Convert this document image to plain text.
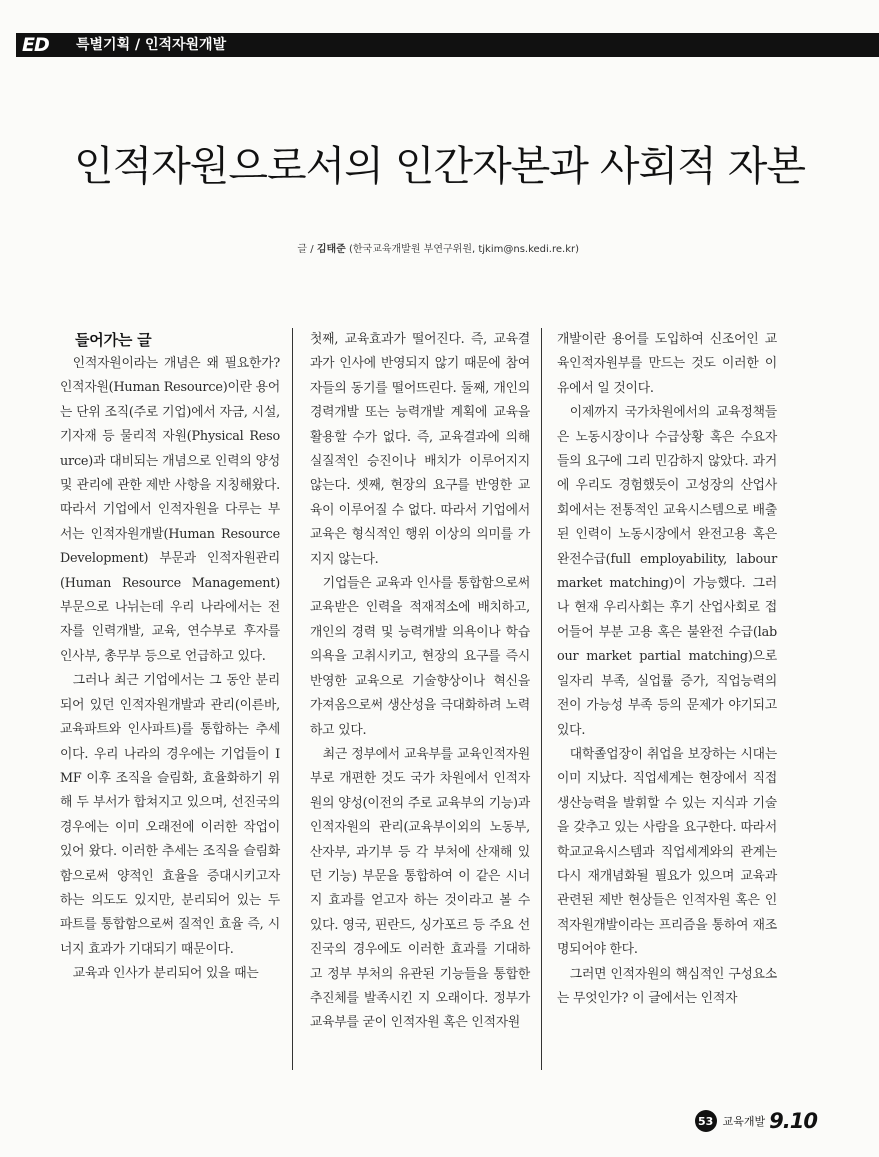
ED 특별기획 / 인적자원개발
인적자원으로서의 인간자본과 사회적 자본
글 / 김태준 (한국교육개발원 부연구위원, tjkim@ns.kedi.re.kr)

들어가는 글

인적자원이라는 개념은 왜 필요한가? 인적자원(Human Resource)이란 용어는 단위 조직(주로 기업)에서 자금, 시설, 기자재 등 물리적 자원(Physical Resource)과 대비되는 개념으로 인력의 양성 및 관리에 관한 제반 사항을 지칭해왔다. 따라서 기업에서 인적자원을 다루는 부서는 인적자원개발(Human Resource Development) 부문과 인적자원관리(Human Resource Management) 부문으로 나뉘는데 우리 나라에서는 전자를 인력개발, 교육, 연수부로 후자를 인사부, 총무부 등으로 언급하고 있다.

그러나 최근 기업에서는 그 동안 분리되어 있던 인적자원개발과 관리(이른바, 교육파트와 인사파트)를 통합하는 추세이다. 우리 나라의 경우에는 기업들이 IMF 이후 조직을 슬림화, 효율화하기 위해 두 부서가 합쳐지고 있으며, 선진국의 경우에는 이미 오래전에 이러한 작업이 있어 왔다. 이러한 추세는 조직을 슬림화함으로써 양적인 효율을 증대시키고자 하는 의도도 있지만, 분리되어 있는 두 파트를 통합함으로써 질적인 효율 즉, 시너지 효과가 기대되기 때문이다.

교육과 인사가 분리되어 있을 때는

첫째, 교육효과가 떨어진다. 즉, 교육결과가 인사에 반영되지 않기 때문에 참여자들의 동기를 떨어뜨린다. 둘째, 개인의 경력개발 또는 능력개발 계획에 교육을 활용할 수가 없다. 즉, 교육결과에 의해 실질적인 승진이나 배치가 이루어지지 않는다. 셋째, 현장의 요구를 반영한 교육이 이루어질 수 없다. 따라서 기업에서 교육은 형식적인 행위 이상의 의미를 가지지 않는다.

기업들은 교육과 인사를 통합함으로써 교육받은 인력을 적재적소에 배치하고, 개인의 경력 및 능력개발 의욕이나 학습의욕을 고취시키고, 현장의 요구를 즉시 반영한 교육으로 기술향상이나 혁신을 가져옴으로써 생산성을 극대화하려 노력하고 있다.

최근 정부에서 교육부를 교육인적자원부로 개편한 것도 국가 차원에서 인적자원의 양성(이전의 주로 교육부의 기능)과 인적자원의 관리(교육부이외의 노동부, 산자부, 과기부 등 각 부처에 산재해 있던 기능) 부문을 통합하여 이 같은 시너지 효과를 얻고자 하는 것이라고 볼 수 있다. 영국, 핀란드, 싱가포르 등 주요 선진국의 경우에도 이러한 효과를 기대하고 정부 부처의 유관된 기능들을 통합한 추진체를 발족시킨 지 오래이다. 정부가 교육부를 굳이 인적자원 혹은 인적자원

개발이란 용어를 도입하여 신조어인 교육인적자원부를 만드는 것도 이러한 이유에서 일 것이다.

이제까지 국가차원에서의 교육정책들은 노동시장이나 수급상황 혹은 수요자들의 요구에 그리 민감하지 않았다. 과거에 우리도 경험했듯이 고성장의 산업사회에서는 전통적인 교육시스템으로 배출된 인력이 노동시장에서 완전고용 혹은 완전수급(full employability, labour market matching)이 가능했다. 그러나 현재 우리사회는 후기 산업사회로 접어들어 부분 고용 혹은 불완전 수급(labour market partial matching)으로 일자리 부족, 실업률 증가, 직업능력의 전이 가능성 부족 등의 문제가 야기되고 있다.

대학졸업장이 취업을 보장하는 시대는 이미 지났다. 직업세계는 현장에서 직접 생산능력을 발휘할 수 있는 지식과 기술을 갖추고 있는 사람을 요구한다. 따라서 학교교육시스템과 직업세계와의 관계는 다시 재개념화될 필요가 있으며 교육과 관련된 제반 현상들은 인적자원 혹은 인적자원개발이라는 프리즘을 통하여 재조명되어야 한다.

그러면 인적자원의 핵심적인 구성요소는 무엇인가? 이 글에서는 인적자

53 교육개발 9.10
